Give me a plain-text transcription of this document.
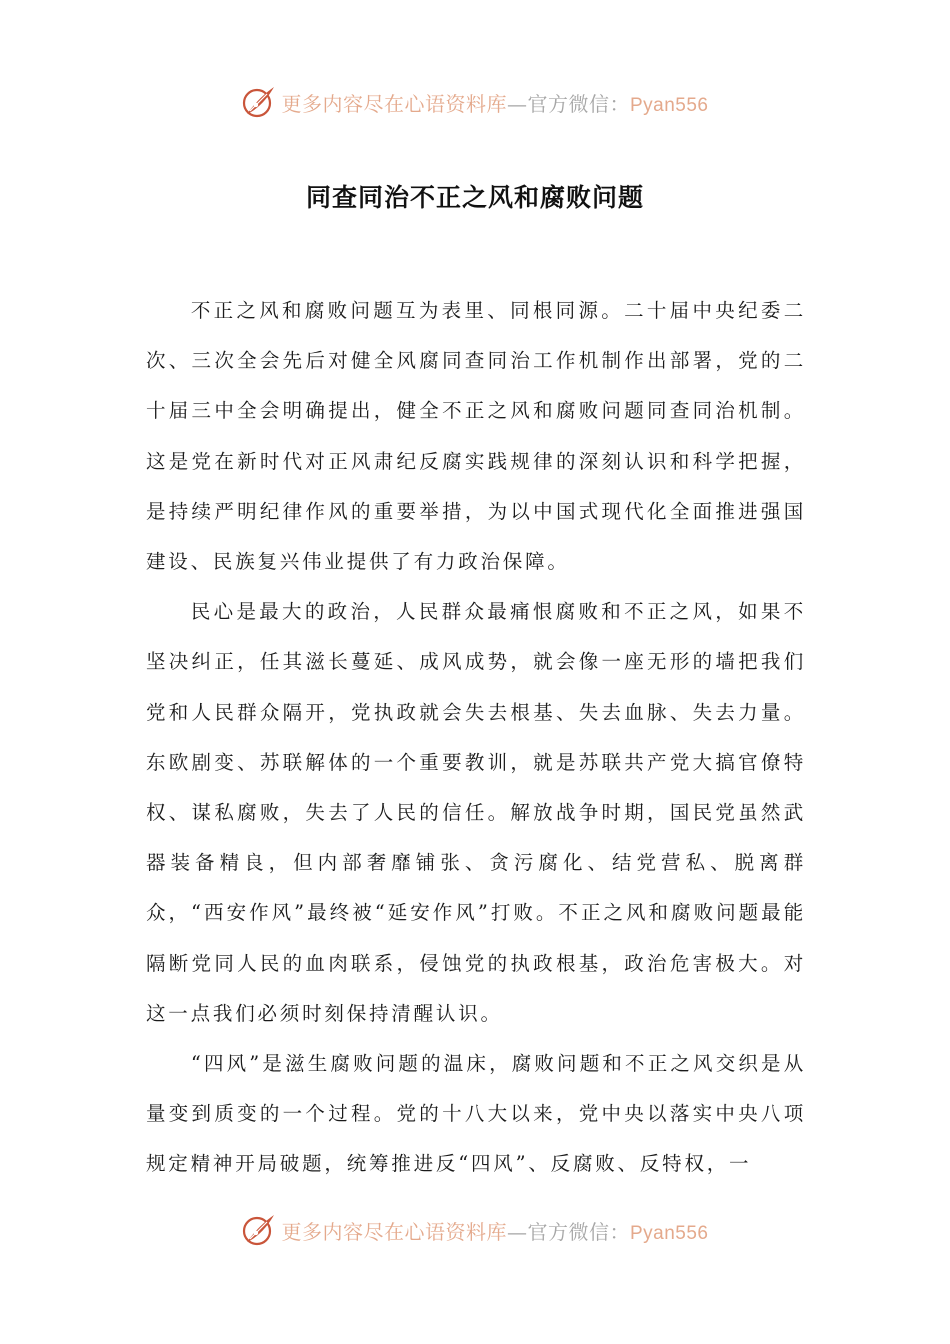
更多内容尽在心语资料库—官方微信：Pyan556
同查同治不正之风和腐败问题

不正之风和腐败问题互为表里、同根同源。二十届中央纪委二次、三次全会先后对健全风腐同查同治工作机制作出部署，党的二十届三中全会明确提出，健全不正之风和腐败问题同查同治机制。这是党在新时代对正风肃纪反腐实践规律的深刻认识和科学把握，是持续严明纪律作风的重要举措，为以中国式现代化全面推进强国建设、民族复兴伟业提供了有力政治保障。

民心是最大的政治，人民群众最痛恨腐败和不正之风，如果不坚决纠正，任其滋长蔓延、成风成势，就会像一座无形的墙把我们党和人民群众隔开，党执政就会失去根基、失去血脉、失去力量。东欧剧变、苏联解体的一个重要教训，就是苏联共产党大搞官僚特权、谋私腐败，失去了人民的信任。解放战争时期，国民党虽然武器装备精良，但内部奢靡铺张、贪污腐化、结党营私、脱离群众，“西安作风”最终被“延安作风”打败。不正之风和腐败问题最能隔断党同人民的血肉联系，侵蚀党的执政根基，政治危害极大。对这一点我们必须时刻保持清醒认识。

“四风”是滋生腐败问题的温床，腐败问题和不正之风交织是从量变到质变的一个过程。党的十八大以来，党中央以落实中央八项规定精神开局破题，统筹推进反“四风”、反腐败、反特权，一

更多内容尽在心语资料库—官方微信：Pyan556
